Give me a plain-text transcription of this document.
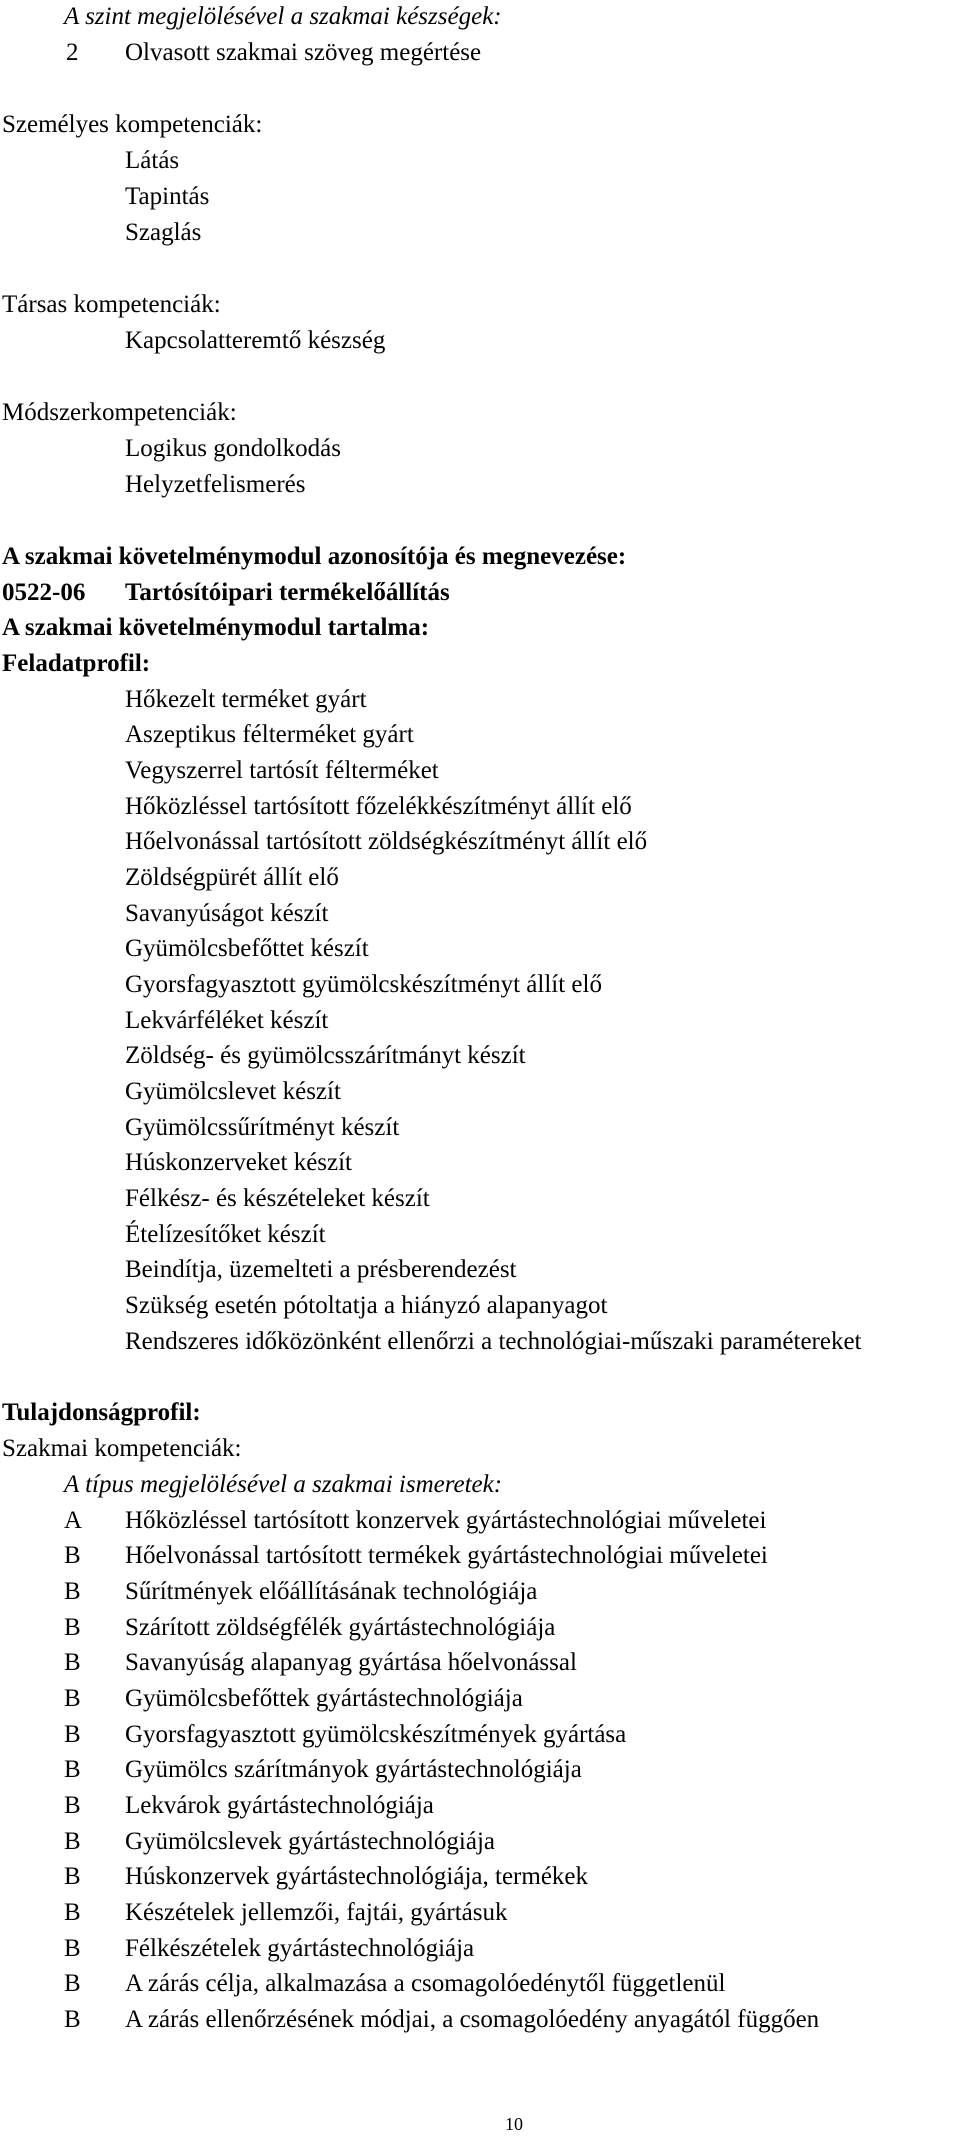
A szint megjelölésével a szakmai készségek:
2 Olvasott szakmai szöveg megértése
Személyes kompetenciák:
Látás
Tapintás
Szaglás
Társas kompetenciák:
Kapcsolatteremtő készség
Módszerkompetenciák:
Logikus gondolkodás
Helyzetfelismerés
A szakmai követelménymodul azonosítója és megnevezése:
0522-06 Tartósítóipari termékelőállítás
A szakmai követelménymodul tartalma:
Feladatprofil:
Hőkezelt terméket gyárt
Aszeptikus félterméket gyárt
Vegyszerrel tartósít félterméket
Hőközléssel tartósított főzelékkészítményt állít elő
Hőelvonással tartósított zöldségkészítményt állít elő
Zöldségpürét állít elő
Savanyúságot készít
Gyümölcsbefőttet készít
Gyorsfagyasztott gyümölcskészítményt állít elő
Lekvárféléket készít
Zöldség- és gyümölcsszárítmányt készít
Gyümölcslevet készít
Gyümölcssűrítményt készít
Húskonzerveket készít
Félkész- és készételeket készít
Ételízesítőket készít
Beindítja, üzemelteti a présberendezést
Szükség esetén pótoltatja a hiányzó alapanyagot
Rendszeres időközönként ellenőrzi a technológiai-műszaki paramétereket
Tulajdonságprofil:
Szakmai kompetenciák:
A típus megjelölésével a szakmai ismeretek:
A Hőközléssel tartósított konzervek gyártástechnológiai műveletei
B Hőelvonással tartósított termékek gyártástechnológiai műveletei
B Sűrítmények előállításának technológiája
B Szárított zöldségfélék gyártástechnológiája
B Savanyúság alapanyag gyártása hőelvonással
B Gyümölcsbefőttek gyártástechnológiája
B Gyorsfagyasztott gyümölcskészítmények gyártása
B Gyümölcs szárítmányok gyártástechnológiája
B Lekvárok gyártástechnológiája
B Gyümölcslevek gyártástechnológiája
B Húskonzervek gyártástechnológiája, termékek
B Készételek jellemzői, fajtái, gyártásuk
B Félkészételek gyártástechnológiája
B A zárás célja, alkalmazása a csomagolóedénytől függetlenül
B A zárás ellenőrzésének módjai, a csomagolóedény anyagától függően
10
